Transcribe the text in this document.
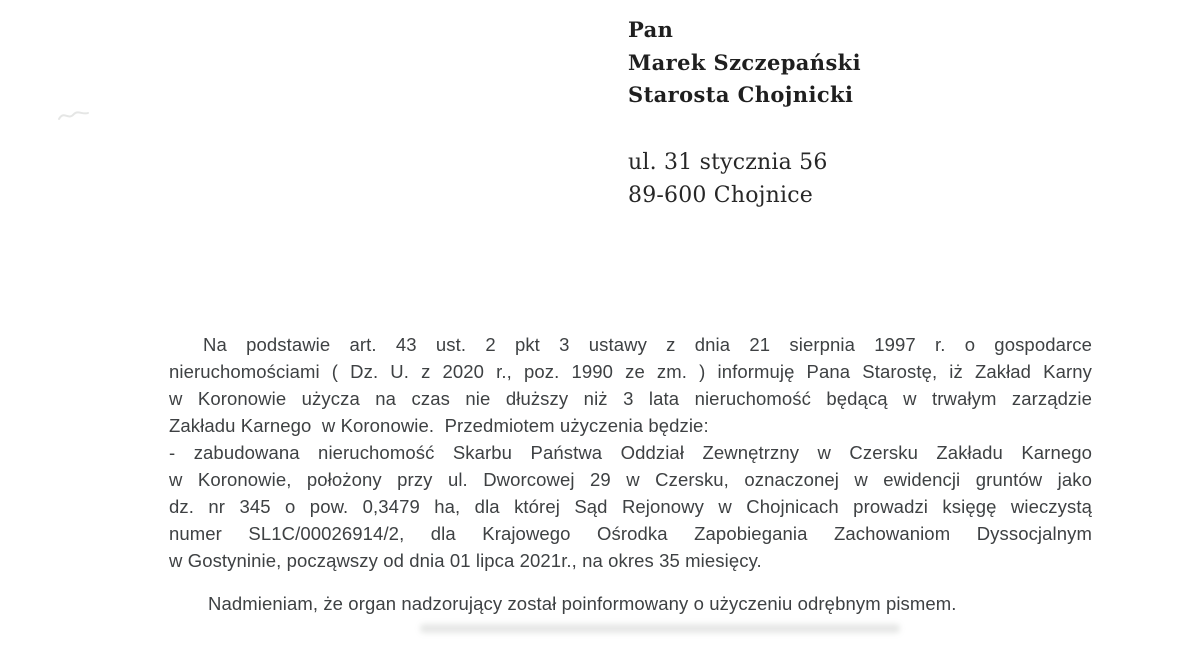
Pan
Marek Szczepański
Starosta Chojnicki
ul. 31 stycznia 56
89-600 Chojnice
Na podstawie art. 43 ust. 2 pkt 3 ustawy z dnia 21 sierpnia 1997 r. o gospodarce
nieruchomościami ( Dz. U. z 2020 r., poz. 1990 ze zm. ) informuję Pana Starostę, iż Zakład Karny
w Koronowie użycza na czas nie dłuższy niż 3 lata nieruchomość będącą w trwałym zarządzie
Zakładu Karnego  w Koronowie.  Przedmiotem użyczenia będzie:
- zabudowana nieruchomość Skarbu Państwa Oddział Zewnętrzny w Czersku Zakładu Karnego
w Koronowie, położony przy ul. Dworcowej 29 w Czersku, oznaczonej w ewidencji gruntów jako
dz. nr 345 o pow. 0,3479 ha, dla której Sąd Rejonowy w Chojnicach prowadzi księgę wieczystą
numer SL1C/00026914/2, dla Krajowego Ośrodka Zapobiegania Zachowaniom Dyssocjalnym
w Gostyninie, począwszy od dnia 01 lipca 2021r., na okres 35 miesięcy.
Nadmieniam, że organ nadzorujący został poinformowany o użyczeniu odrębnym pismem.
